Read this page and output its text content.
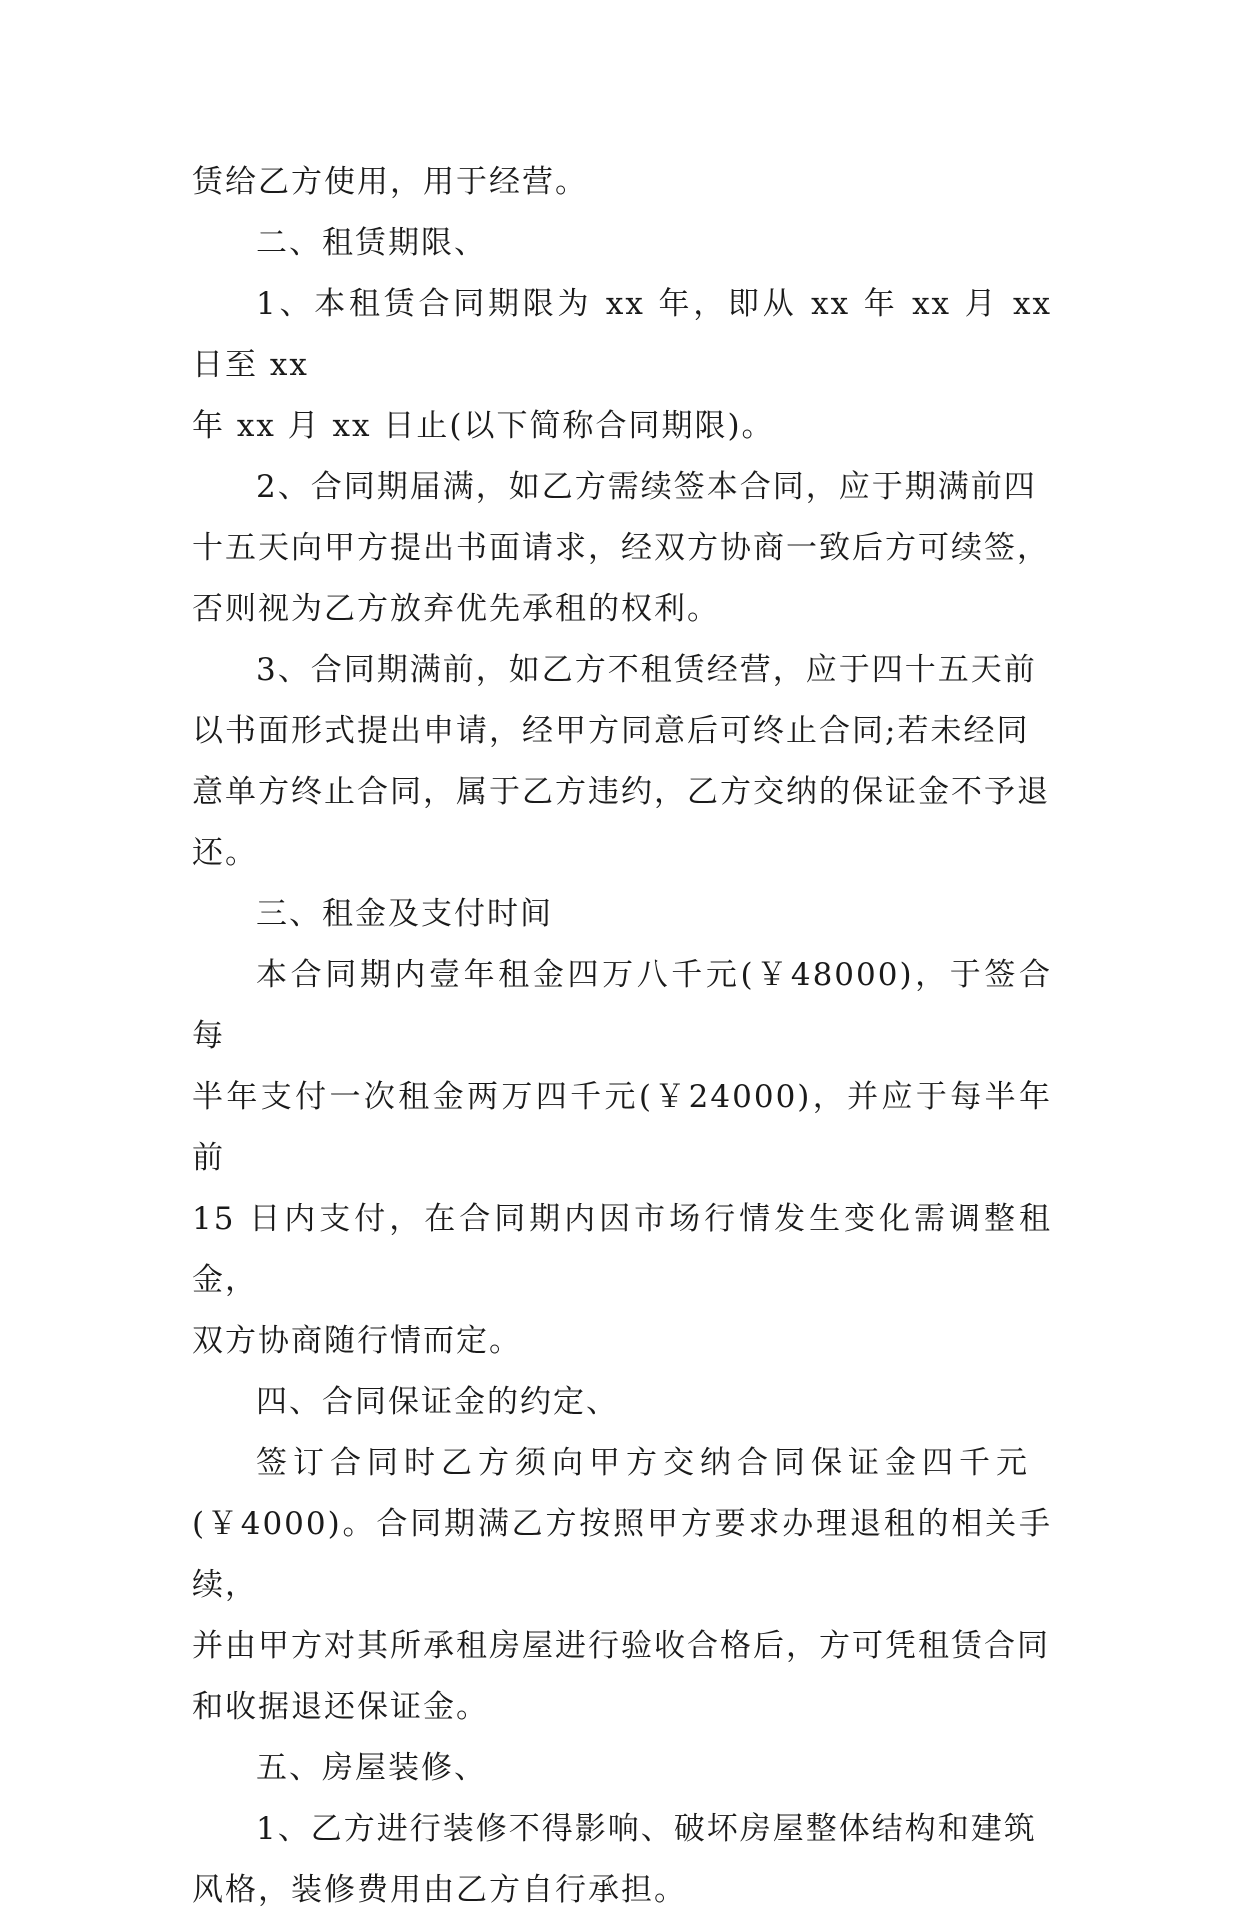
赁给乙方使用，用于经营。

二、租赁期限、

1、本租赁合同期限为 xx 年，即从 xx 年 xx 月 xx 日至 xx
年 xx 月 xx 日止(以下简称合同期限)。

2、合同期届满，如乙方需续签本合同，应于期满前四
十五天向甲方提出书面请求，经双方协商一致后方可续签，
否则视为乙方放弃优先承租的权利。

3、合同期满前，如乙方不租赁经营，应于四十五天前
以书面形式提出申请，经甲方同意后可终止合同;若未经同
意单方终止合同，属于乙方违约，乙方交纳的保证金不予退
还。

三、租金及支付时间

本合同期内壹年租金四万八千元(￥48000)，于签合每
半年支付一次租金两万四千元(￥24000)，并应于每半年前
15 日内支付，在合同期内因市场行情发生变化需调整租金，
双方协商随行情而定。

四、合同保证金的约定、

签订合同时乙方须向甲方交纳合同保证金四千元
(￥4000)。合同期满乙方按照甲方要求办理退租的相关手续，
并由甲方对其所承租房屋进行验收合格后，方可凭租赁合同
和收据退还保证金。

五、房屋装修、

1、乙方进行装修不得影响、破坏房屋整体结构和建筑
风格，装修费用由乙方自行承担。
